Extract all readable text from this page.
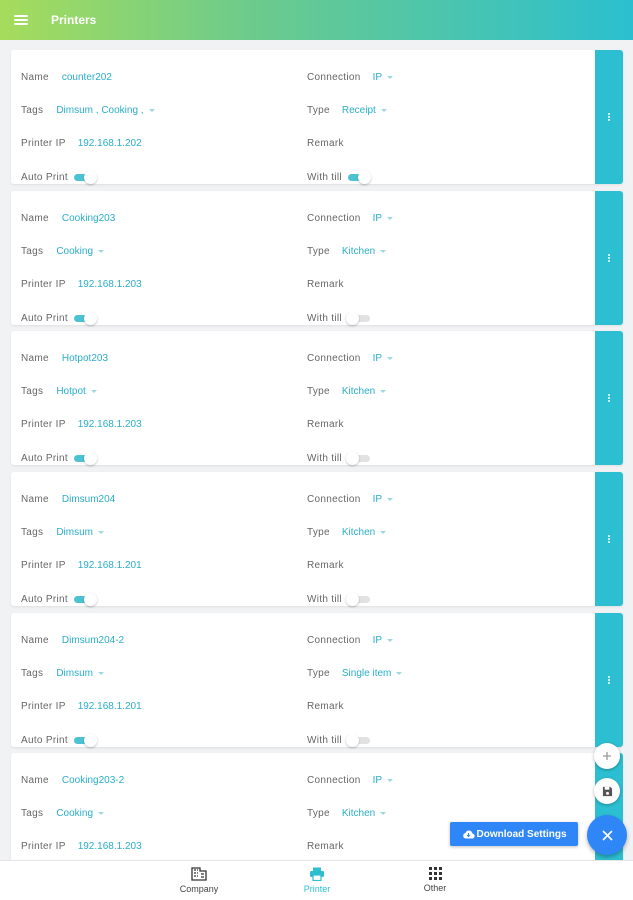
Printers
Name counter202	Connection IP
Tags Dimsum , Cooking ,	Type Receipt
Printer IP 192.168.1.202	Remark
Auto Print	With till
Name Cooking203	Connection IP
Tags Cooking	Type Kitchen
Printer IP 192.168.1.203	Remark
Auto Print	With till
Name Hotpot203	Connection IP
Tags Hotpot	Type Kitchen
Printer IP 192.168.1.203	Remark
Auto Print	With till
Name Dimsum204	Connection IP
Tags Dimsum	Type Kitchen
Printer IP 192.168.1.201	Remark
Auto Print	With till
Name Dimsum204-2	Connection IP
Tags Dimsum	Type Single item
Printer IP 192.168.1.201	Remark
Auto Print	With till
Name Cooking203-2	Connection IP
Tags Cooking	Type Kitchen
Printer IP 192.168.1.203	Remark
Download Settings
Company	Printer	Other
